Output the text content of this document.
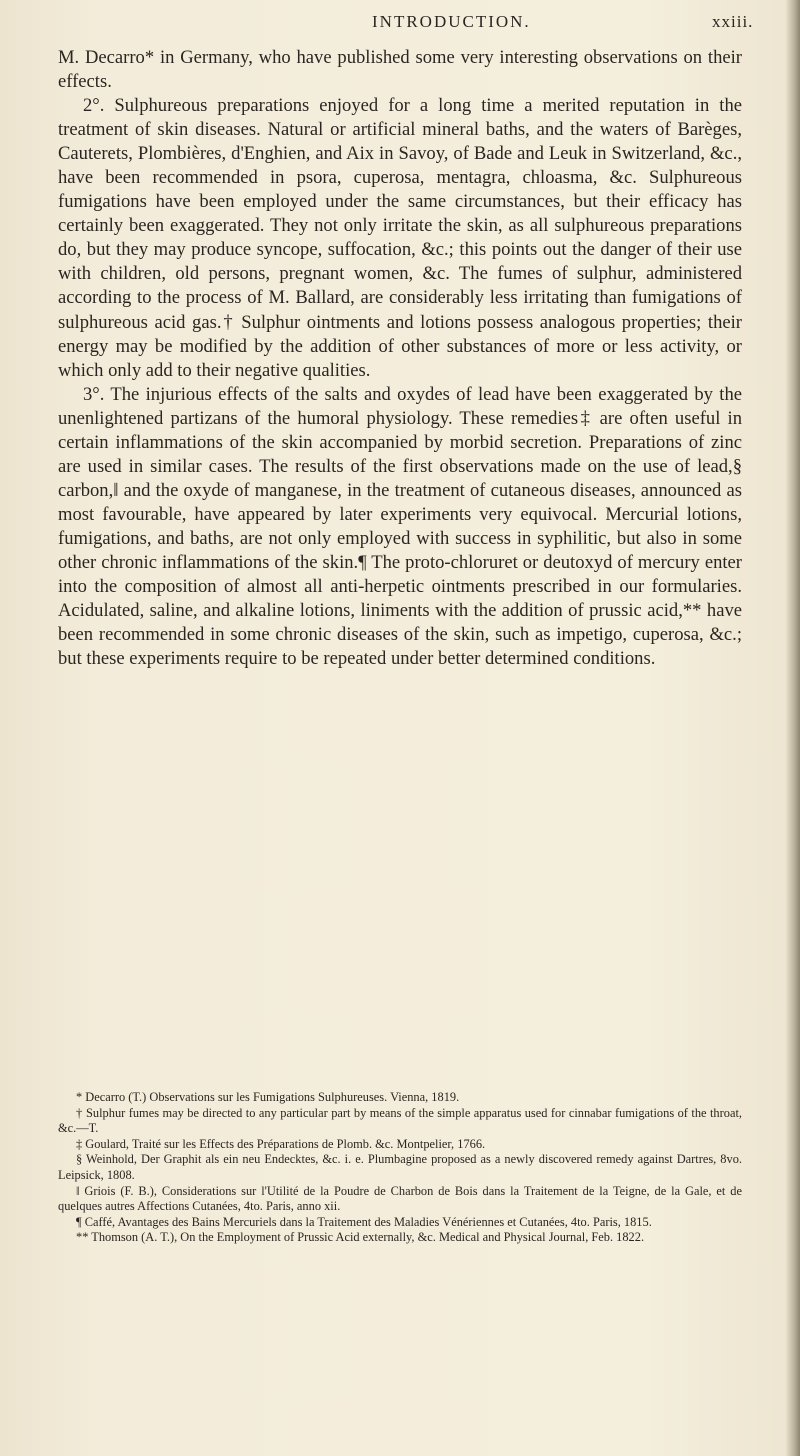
INTRODUCTION.	xxiii.

M. Decarro* in Germany, who have published some very interesting observations on their effects.

2°. Sulphureous preparations enjoyed for a long time a merited reputation in the treatment of skin diseases. Natural or artificial mineral baths, and the waters of Barèges, Cauterets, Plombières, d'Enghien, and Aix in Savoy, of Bade and Leuk in Switzerland, &c., have been recommended in psora, cuperosa, mentagra, chloasma, &c. Sulphureous fumigations have been employed under the same circumstances, but their efficacy has certainly been exaggerated. They not only irritate the skin, as all sulphureous preparations do, but they may produce syncope, suffocation, &c.; this points out the danger of their use with children, old persons, pregnant women, &c. The fumes of sulphur, administered according to the process of M. Ballard, are considerably less irritating than fumigations of sulphureous acid gas.† Sulphur ointments and lotions possess analogous properties; their energy may be modified by the addition of other substances of more or less activity, or which only add to their negative qualities.

3°. The injurious effects of the salts and oxydes of lead have been exaggerated by the unenlightened partizans of the humoral physiology. These remedies‡ are often useful in certain inflammations of the skin accompanied by morbid secretion. Preparations of zinc are used in similar cases. The results of the first observations made on the use of lead,§ carbon,‖ and the oxyde of manganese, in the treatment of cutaneous diseases, announced as most favourable, have appeared by later experiments very equivocal. Mercurial lotions, fumigations, and baths, are not only employed with success in syphilitic, but also in some other chronic inflammations of the skin.¶ The proto-chloruret or deutoxyd of mercury enter into the composition of almost all anti-herpetic ointments prescribed in our formularies. Acidulated, saline, and alkaline lotions, liniments with the addition of prussic acid,** have been recommended in some chronic diseases of the skin, such as impetigo, cuperosa, &c.; but these experiments require to be repeated under better determined conditions.

* Decarro (T.) Observations sur les Fumigations Sulphureuses. Vienna, 1819.

† Sulphur fumes may be directed to any particular part by means of the simple apparatus used for cinnabar fumigations of the throat, &c.—T.

‡ Goulard, Traité sur les Effects des Préparations de Plomb. &c. Montpelier, 1766.

§ Weinhold, Der Graphit als ein neu Endecktes, &c. i. e. Plumbagine proposed as a newly discovered remedy against Dartres, 8vo. Leipsick, 1808.

‖ Griois (F. B.), Considerations sur l'Utilité de la Poudre de Charbon de Bois dans la Traitement de la Teigne, de la Gale, et de quelques autres Affections Cutanées, 4to. Paris, anno xii.

¶ Caffé, Avantages des Bains Mercuriels dans la Traitement des Maladies Vénériennes et Cutanées, 4to. Paris, 1815.

** Thomson (A. T.), On the Employment of Prussic Acid externally, &c. Medical and Physical Journal, Feb. 1822.
